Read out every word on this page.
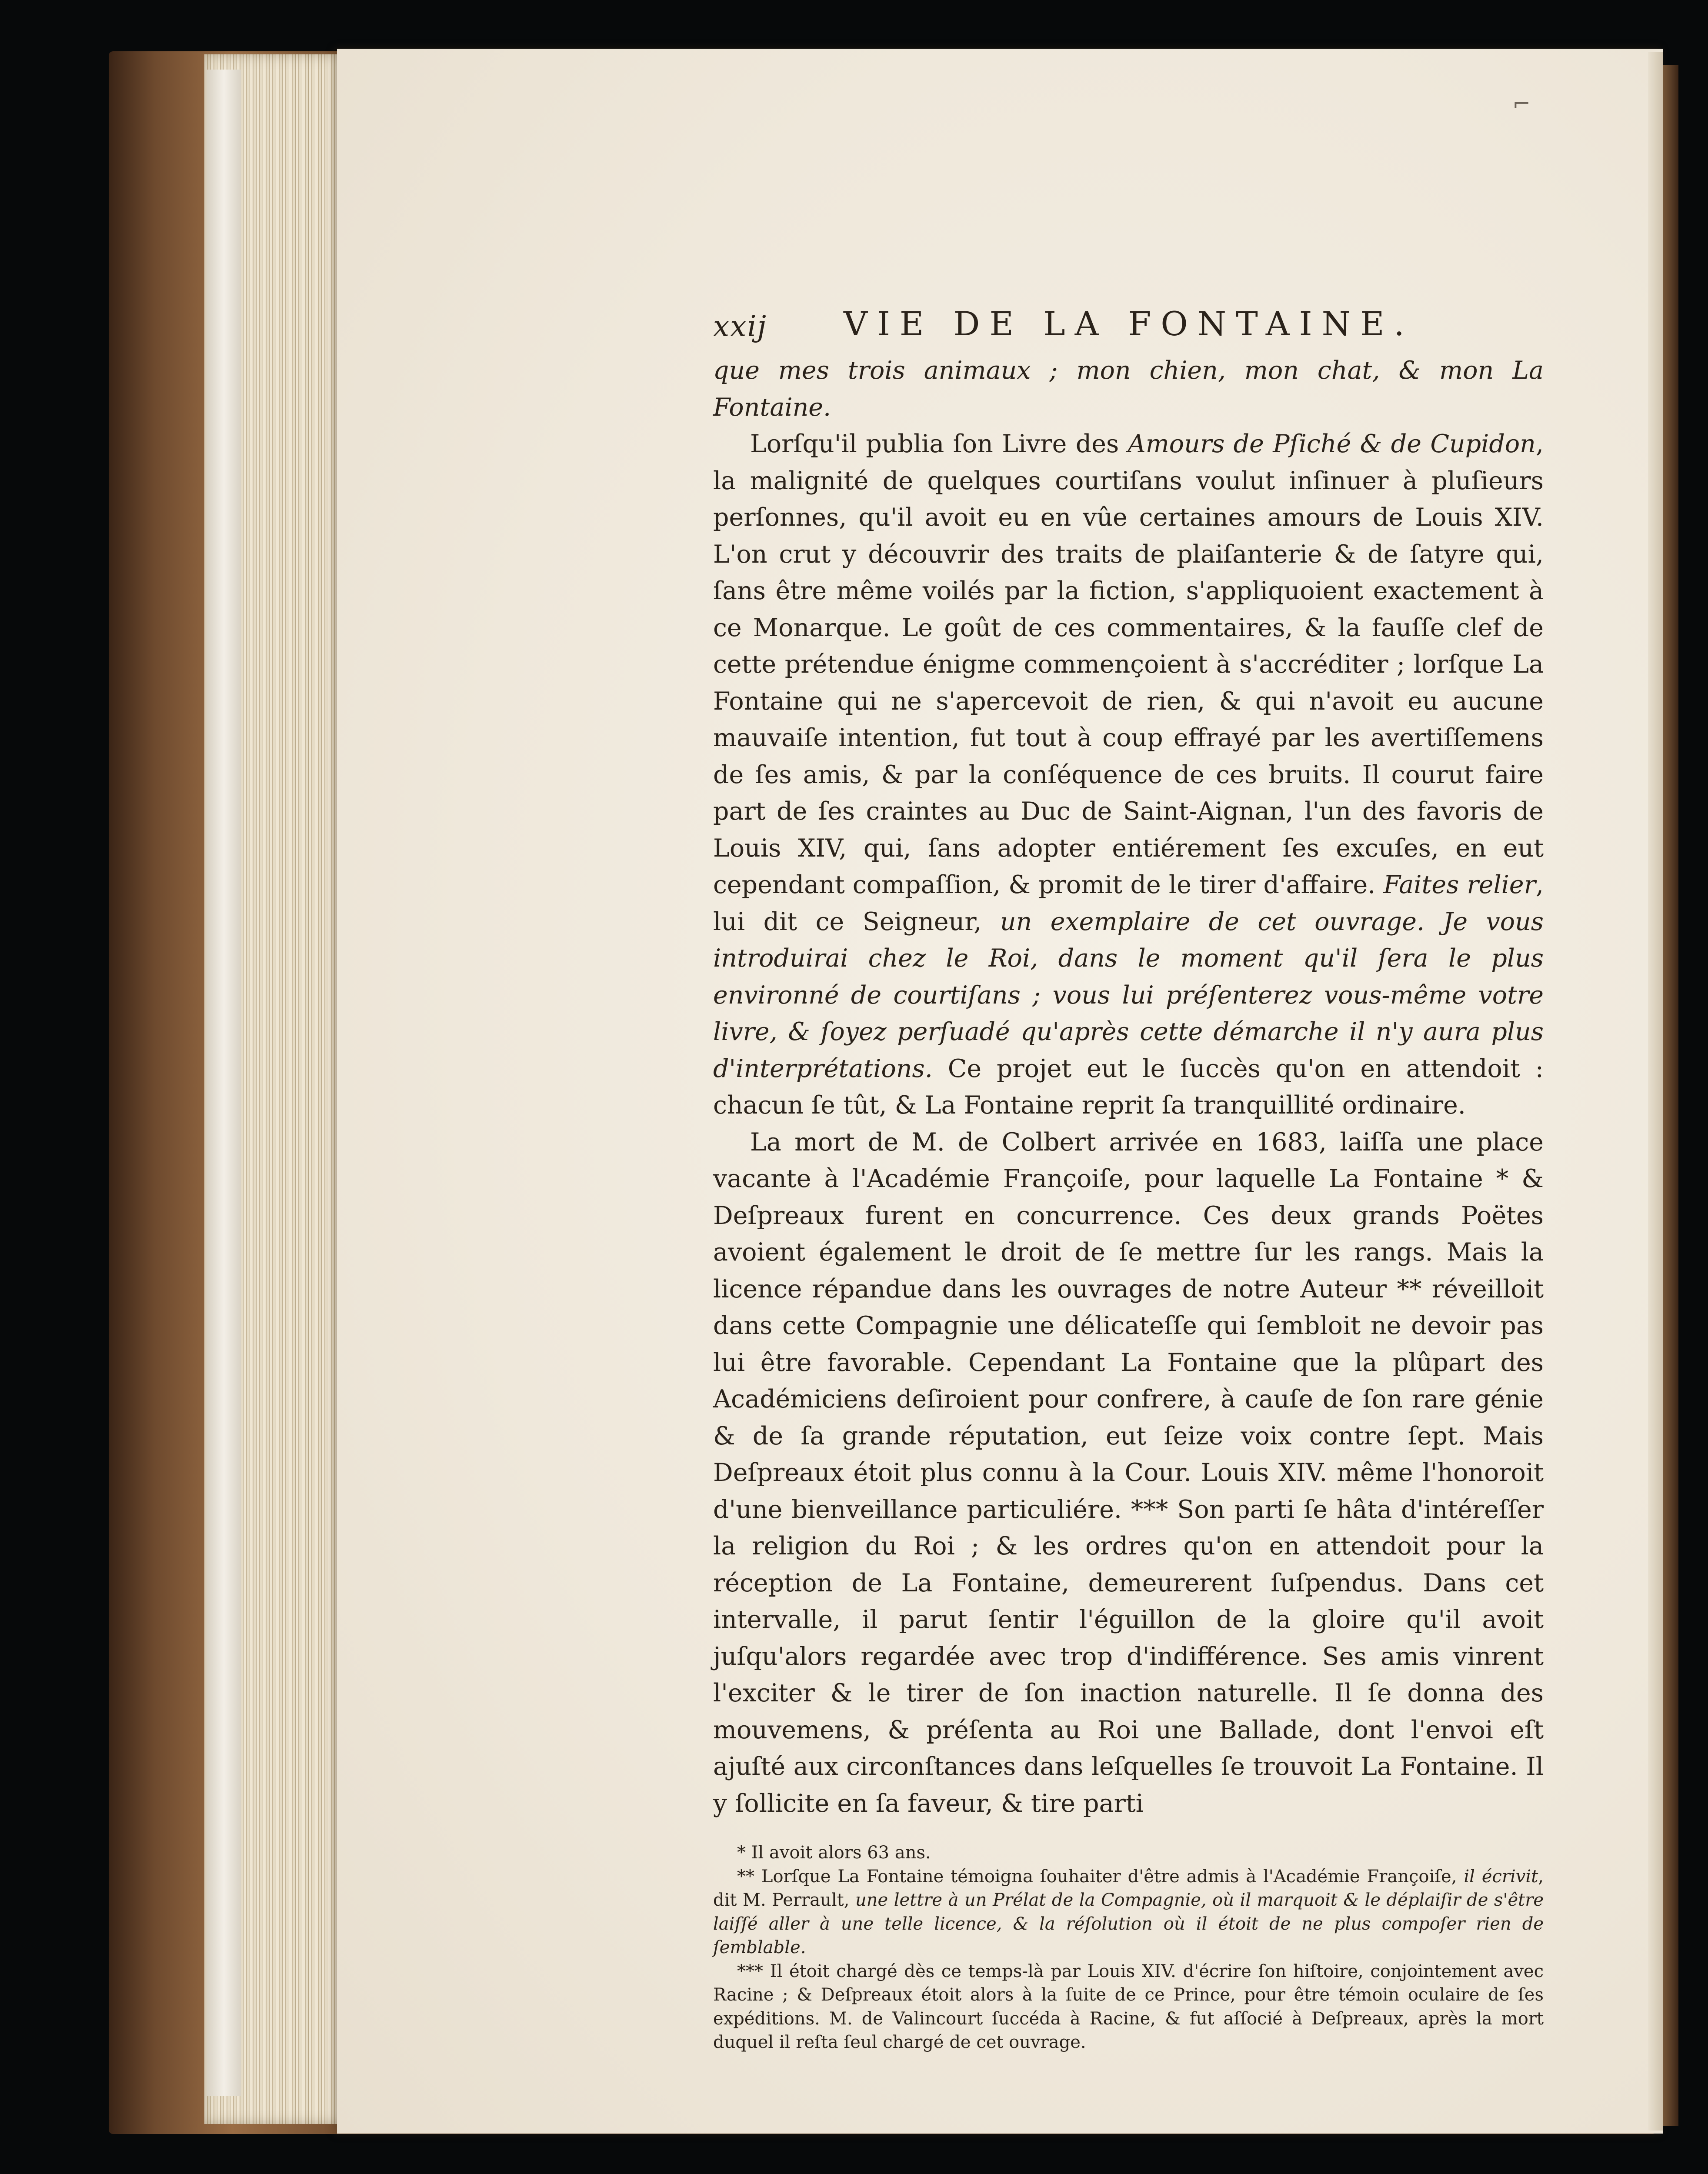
⌐
xxij VIE DE LA FONTAINE.

que mes trois animaux ; mon chien, mon chat, & mon La Fontaine.

Lorſqu'il publia ſon Livre des Amours de Pſiché & de Cupidon, la malignité de quelques courtiſans voulut inſinuer à pluſieurs perſonnes, qu'il avoit eu en vûe certaines amours de Louis XIV. L'on crut y découvrir des traits de plaiſanterie & de ſatyre qui, ſans être même voilés par la fiction, s'appliquoient exactement à ce Monarque. Le goût de ces commentaires, & la fauſſe clef de cette prétendue énigme commençoient à s'accréditer ; lorſque La Fontaine qui ne s'apercevoit de rien, & qui n'avoit eu aucune mauvaiſe intention, fut tout à coup effrayé par les avertiſſemens de ſes amis, & par la conſéquence de ces bruits. Il courut faire part de ſes craintes au Duc de Saint-Aignan, l'un des favoris de Louis XIV, qui, ſans adopter entiérement ſes excuſes, en eut cependant compaſſion, & promit de le tirer d'affaire. Faites relier, lui dit ce Seigneur, un exemplaire de cet ouvrage. Je vous introduirai chez le Roi, dans le moment qu'il ſera le plus environné de courtiſans ; vous lui préſenterez vous-même votre livre, & ſoyez perſuadé qu'après cette démarche il n'y aura plus d'interprétations. Ce projet eut le ſuccès qu'on en attendoit : chacun ſe tût, & La Fontaine reprit ſa tranquillité ordinaire.

La mort de M. de Colbert arrivée en 1683, laiſſa une place vacante à l'Académie Françoiſe, pour laquelle La Fontaine * & Deſpreaux furent en concurrence. Ces deux grands Poëtes avoient également le droit de ſe mettre ſur les rangs. Mais la licence répandue dans les ouvrages de notre Auteur ** réveilloit dans cette Compagnie une délicateſſe qui ſembloit ne devoir pas lui être favorable. Cependant La Fontaine que la plûpart des Académiciens deſiroient pour confrere, à cauſe de ſon rare génie & de ſa grande réputation, eut ſeize voix contre ſept. Mais Deſpreaux étoit plus connu à la Cour. Louis XIV. même l'honoroit d'une bienveillance particuliére. *** Son parti ſe hâta d'intéreſſer la religion du Roi ; & les ordres qu'on en attendoit pour la réception de La Fontaine, demeurerent ſuſpendus. Dans cet intervalle, il parut ſentir l'éguillon de la gloire qu'il avoit juſqu'alors regardée avec trop d'indifférence. Ses amis vinrent l'exciter & le tirer de ſon inaction naturelle. Il ſe donna des mouvemens, & préſenta au Roi une Ballade, dont l'envoi eſt ajuſté aux circonſtances dans leſquelles ſe trouvoit La Fontaine. Il y ſollicite en ſa faveur, & tire parti

* Il avoit alors 63 ans.

** Lorſque La Fontaine témoigna ſouhaiter d'être admis à l'Académie Françoiſe, il écrivit, dit M. Perrault, une lettre à un Prélat de la Compagnie, où il marquoit & le déplaiſir de s'être laiſſé aller à une telle licence, & la réſolution où il étoit de ne plus compoſer rien de ſemblable.

*** Il étoit chargé dès ce temps-là par Louis XIV. d'écrire ſon hiſtoire, conjointement avec Racine ; & Deſpreaux étoit alors à la ſuite de ce Prince, pour être témoin oculaire de ſes expéditions. M. de Valincourt ſuccéda à Racine, & fut aſſocié à Deſpreaux, après la mort duquel il reſta ſeul chargé de cet ouvrage.
